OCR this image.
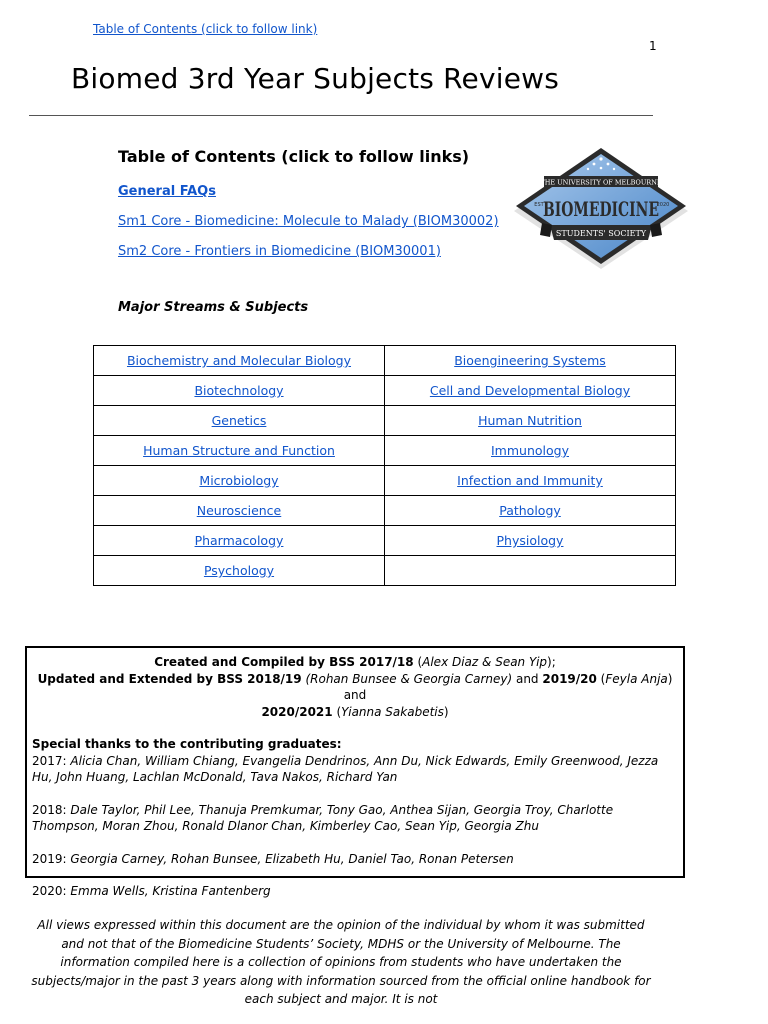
Table of Contents (click to follow link)
1
Biomed 3rd Year Subjects Reviews
Table of Contents (click to follow links)
General FAQs
Sm1 Core - Biomedicine: Molecule to Malady (BIOM30002)
Sm2 Core - Frontiers in Biomedicine (BIOM30001)
THE UNIVERSITY OF MELBOURNE
BIOMEDICINE
EST	2020
STUDENTS' SOCIETY
Major Streams & Subjects
Biochemistry and Molecular Biology	Bioengineering Systems
Biotechnology	Cell and Developmental Biology
Genetics	Human Nutrition
Human Structure and Function	Immunology
Microbiology	Infection and Immunity
Neuroscience	Pathology
Pharmacology	Physiology
Psychology	

Created and Compiled by BSS 2017/18 (Alex Diaz & Sean Yip);

Updated and Extended by BSS 2018/19 (Rohan Bunsee & Georgia Carney) and 2019/20 (Feyla Anja) and

2020/2021 (Yianna Sakabetis)

Special thanks to the contributing graduates:

2017: Alicia Chan, William Chiang, Evangelia Dendrinos, Ann Du, Nick Edwards, Emily Greenwood, Jezza Hu, John Huang, Lachlan McDonald, Tava Nakos, Richard Yan

2018: Dale Taylor, Phil Lee, Thanuja Premkumar, Tony Gao, Anthea Sijan, Georgia Troy, Charlotte Thompson, Moran Zhou, Ronald Dlanor Chan, Kimberley Cao, Sean Yip, Georgia Zhu

2019: Georgia Carney, Rohan Bunsee, Elizabeth Hu, Daniel Tao, Ronan Petersen

2020: Emma Wells, Kristina Fantenberg

All views expressed within this document are the opinion of the individual by whom it was submitted and not that of the Biomedicine Students’ Society, MDHS or the University of Melbourne. The information compiled here is a collection of opinions from students who have undertaken the subjects/major in the past 3 years along with information sourced from the official online handbook for each subject and major. It is not
